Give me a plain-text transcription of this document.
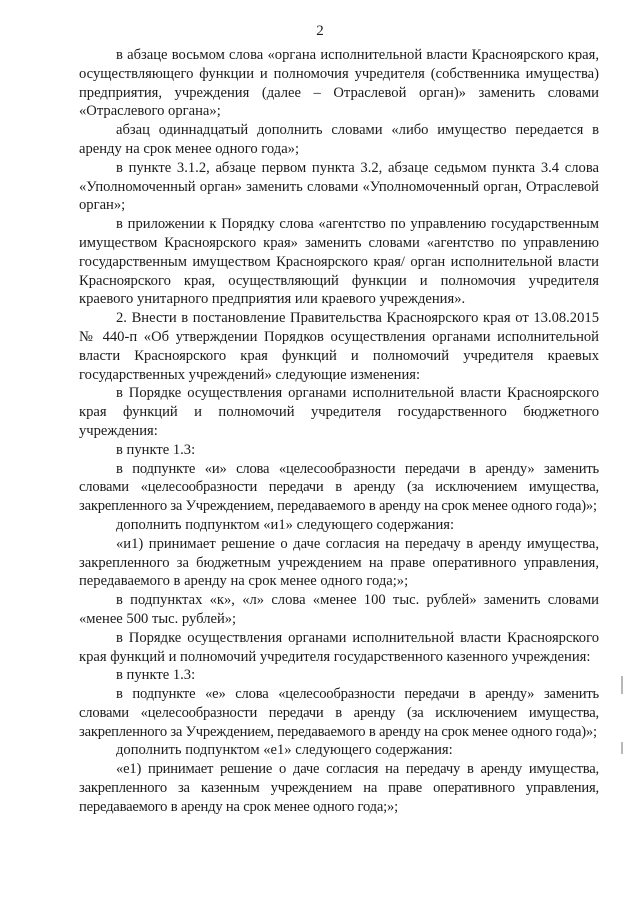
2

в абзаце восьмом слова «органа исполнительной власти Красноярского края, осуществляющего функции и полномочия учредителя (собственника имущества) предприятия, учреждения (далее – Отраслевой орган)» заменить словами «Отраслевого органа»;

абзац одиннадцатый дополнить словами «либо имущество передается в аренду на срок менее одного года»;

в пункте 3.1.2, абзаце первом пункта 3.2, абзаце седьмом пункта 3.4 слова «Уполномоченный орган» заменить словами «Уполномоченный орган, Отраслевой орган»;

в приложении к Порядку слова «агентство по управлению государственным имуществом Красноярского края» заменить словами «агентство по управлению государственным имуществом Красноярского края/ орган исполнительной власти Красноярского края, осуществляющий функции и полномочия учредителя краевого унитарного предприятия или краевого учреждения».

2. Внести в постановление Правительства Красноярского края от 13.08.2015 № 440-п «Об утверждении Порядков осуществления органами исполнительной власти Красноярского края функций и полномочий учредителя краевых государственных учреждений» следующие изменения:

в Порядке осуществления органами исполнительной власти Красноярского края функций и полномочий учредителя государственного бюджетного учреждения:

в пункте 1.3:

в подпункте «и» слова «целесообразности передачи в аренду» заменить словами «целесообразности передачи в аренду (за исключением имущества, закрепленного за Учреждением, передаваемого в аренду на срок менее одного года)»;

дополнить подпунктом «и1» следующего содержания:

«и1) принимает решение о даче согласия на передачу в аренду имущества, закрепленного за бюджетным учреждением на праве оперативного управления, передаваемого в аренду на срок менее одного года;»;

в подпунктах «к», «л» слова «менее 100 тыс. рублей» заменить словами «менее 500 тыс. рублей»;

в Порядке осуществления органами исполнительной власти Красноярского края функций и полномочий учредителя государственного казенного учреждения:

в пункте 1.3:

в подпункте «е» слова «целесообразности передачи в аренду» заменить словами «целесообразности передачи в аренду (за исключением имущества, закрепленного за Учреждением, передаваемого в аренду на срок менее одного года)»;

дополнить подпунктом «е1» следующего содержания:

«е1) принимает решение о даче согласия на передачу в аренду имущества, закрепленного за казенным учреждением на праве оперативного управления, передаваемого в аренду на срок менее одного года;»;
